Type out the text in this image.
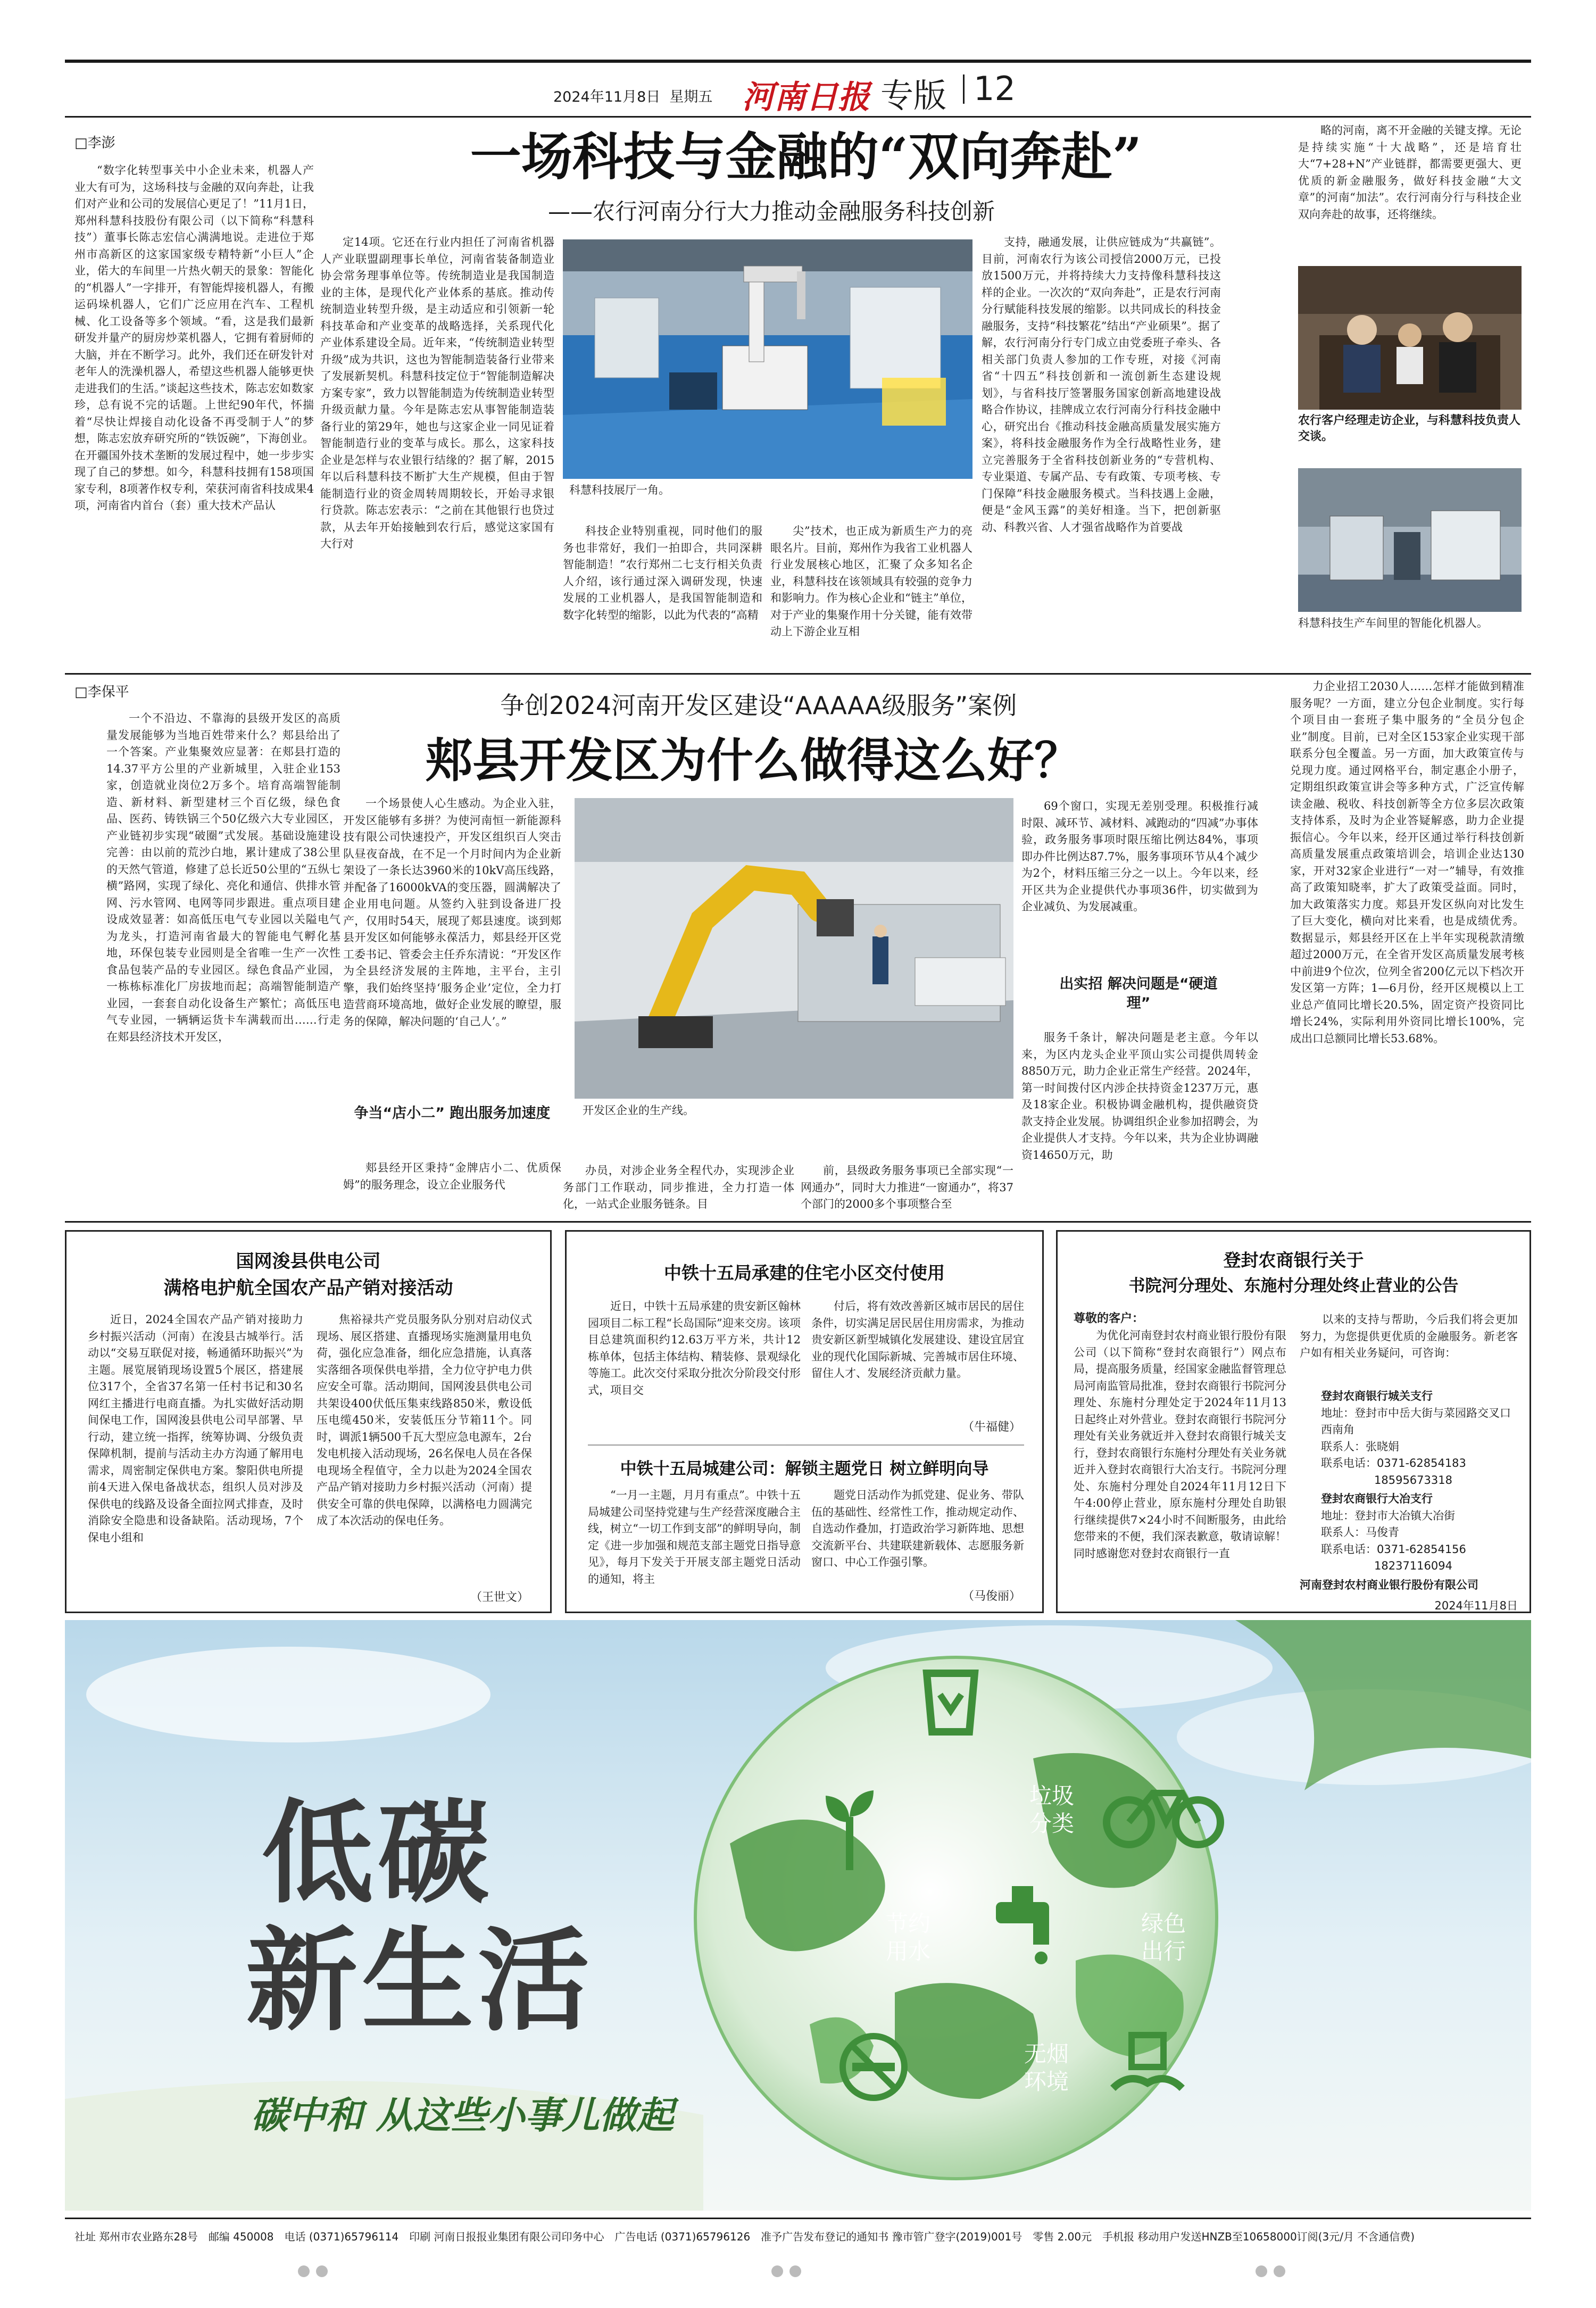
2024年11月8日 星期五 河南日报 专版 12
□李澎	一场科技与金融的“双向奔赴”
——农行河南分行大力推动金融服务科技创新

“数字化转型事关中小企业未来，机器人产业大有可为，这场科技与金融的双向奔赴，让我们对产业和公司的发展信心更足了！”11月1日，郑州科慧科技股份有限公司（以下简称“科慧科技”）董事长陈志宏信心满满地说。走进位于郑州市高新区的这家国家级专精特新“小巨人”企业，偌大的车间里一片热火朝天的景象：智能化的“机器人”一字排开，有智能焊接机器人，有搬运码垛机器人，它们广泛应用在汽车、工程机械、化工设备等多个领域。“看，这是我们最新研发并量产的厨房炒菜机器人，它拥有着厨师的大脑，并在不断学习。此外，我们还在研发针对老年人的洗澡机器人，希望这些机器人能够更快走进我们的生活。”谈起这些技术，陈志宏如数家珍，总有说不完的话题。上世纪90年代，怀揣着“尽快让焊接自动化设备不再受制于人”的梦想，陈志宏放弃研究所的“铁饭碗”，下海创业。在开疆国外技术垄断的发展过程中，她一步步实现了自己的梦想。如今，科慧科技拥有158项国家专利，8项著作权专利，荣获河南省科技成果4项，河南省内首台（套）重大技术产品认

定14项。它还在行业内担任了河南省机器人产业联盟副理事长单位，河南省装备制造业协会常务理事单位等。传统制造业是我国制造业的主体，是现代化产业体系的基底。推动传统制造业转型升级，是主动适应和引领新一轮科技革命和产业变革的战略选择，关系现代化产业体系建设全局。近年来，“传统制造业转型升级”成为共识，这也为智能制造装备行业带来了发展新契机。科慧科技定位于“智能制造解决方案专家”，致力以智能制造为传统制造业转型升级贡献力量。今年是陈志宏从事智能制造装备行业的第29年，她也与这家企业一同见证着智能制造行业的变革与成长。那么，这家科技企业是怎样与农业银行结缘的？据了解，2015年以后科慧科技不断扩大生产规模，但由于智能制造行业的资金周转周期较长，开始寻求银行贷款。陈志宏表示：“之前在其他银行也贷过款，从去年开始接触到农行后，感觉这家国有大行对

科慧科技展厅一角。

科技企业特别重视，同时他们的服务也非常好，我们一拍即合，共同深耕智能制造！”农行郑州二七支行相关负责人介绍，该行通过深入调研发现，快速发展的工业机器人，是我国智能制造和数字化转型的缩影，以此为代表的“高精

尖”技术，也正成为新质生产力的亮眼名片。目前，郑州作为我省工业机器人行业发展核心地区，汇聚了众多知名企业，科慧科技在该领域具有较强的竞争力和影响力。作为核心企业和“链主”单位，对于产业的集聚作用十分关键，能有效带动上下游企业互相

支持，融通发展，让供应链成为“共赢链”。目前，河南农行为该公司授信2000万元，已投放1500万元，并将持续大力支持像科慧科技这样的企业。一次次的“双向奔赴”，正是农行河南分行赋能科技发展的缩影。以共同成长的科技金融服务，支持“科技繁花”结出“产业硕果”。据了解，农行河南分行专门成立由党委班子牵头、各相关部门负责人参加的工作专班，对接《河南省“十四五”科技创新和一流创新生态建设规划》，与省科技厅签署服务国家创新高地建设战略合作协议，挂牌成立农行河南分行科技金融中心，研究出台《推动科技金融高质量发展实施方案》，将科技金融服务作为全行战略性业务，建立完善服务于全省科技创新业务的“专营机构、专业渠道、专属产品、专有政策、专项考核、专门保障”科技金融服务模式。当科技遇上金融，便是“金风玉露”的美好相逢。当下，把创新驱动、科教兴省、人才强省战略作为首要战

略的河南，离不开金融的关键支撑。无论是持续实施“十大战略”，还是培育壮大“7+28+N”产业链群，都需要更强大、更优质的新金融服务，做好科技金融“大文章”的河南“加法”。农行河南分行与科技企业双向奔赴的故事，还将继续。

农行客户经理走访企业，与科慧科技负责人交谈。
科慧科技生产车间里的智能化机器人。
□李保平	争创2024河南开发区建设“AAAAA级服务”案例
郏县开发区为什么做得这么好？

一个不沿边、不靠海的县级开发区的高质量发展能够为当地百姓带来什么？郏县给出了一个答案。产业集聚效应显著：在郏县打造的14.37平方公里的产业新城里，入驻企业153家，创造就业岗位2万多个。培育高端智能制造、新材料、新型建材三个百亿级，绿色食品、医药、铸铁锅三个50亿级六大专业园区，产业链初步实现“破圈”式发展。基础设施建设完善：由以前的荒沙白地，累计建成了38公里的天然气管道，修建了总长近50公里的“五纵七横”路网，实现了绿化、亮化和通信、供排水管网、污水管网、电网等同步跟进。重点项目建设成效显著：如高低压电气专业园以关隘电气为龙头，打造河南省最大的智能电气孵化基地，环保包装专业园则是全省唯一生产一次性食品包装产品的专业园区。绿色食品产业园，一栋栋标准化厂房拔地而起；高端智能制造产业园，一套套自动化设备生产繁忙；高低压电气专业园，一辆辆运货卡车满载而出……行走在郏县经济技术开发区，

一个场景使人心生感动。为企业入驻，开发区能够有多拼？为使河南恒一新能源科技有限公司快速投产，开发区组织百人突击队昼夜奋战，在不足一个月时间内为企业新架设了一条长达3960米的10kV高压线路，并配备了16000kVA的变压器，圆满解决了企业用电问题。从签约入驻到设备进厂投产，仅用时54天，展现了郏县速度。谈到郏县开发区如何能够永葆活力，郏县经开区党工委书记、管委会主任乔东清说：“开发区作为全县经济发展的主阵地，主平台，主引擎，我们始终坚持‘服务企业’定位，全力打造营商环境高地，做好企业发展的瞭望，服务的保障，解决问题的‘自己人’。”

争当“店小二” 跑出服务加速度

郏县经开区秉持“金牌店小二、优质保姆”的服务理念，设立企业服务代

开发区企业的生产线。

办员，对涉企业务全程代办，实现涉企业务部门工作联动，同步推进，全力打造一体化，一站式企业服务链条。目

前，县级政务服务事项已全部实现“一网通办”，同时大力推进“一窗通办”，将37个部门的2000多个事项整合至

69个窗口，实现无差别受理。积极推行减时限、减环节、减材料、减跑动的“四减”办事体验，政务服务事项时限压缩比例达84%，事项即办件比例达87.7%，服务事项环节从4个减少为2个，材料压缩三分之一以上。今年以来，经开区共为企业提供代办事项36件，切实做到为企业减负、为发展减重。

出实招 解决问题是“硬道理”

服务千条计，解决问题是老主意。今年以来，为区内龙头企业平顶山实公司提供周转金8850万元，助力企业正常生产经营。2024年，第一时间拨付区内涉企扶持资金1237万元，惠及18家企业。积极协调金融机构，提供融资贷款支持企业发展。协调组织企业参加招聘会，为企业提供人才支持。今年以来，共为企业协调融资14650万元，助

力企业招工2030人……怎样才能做到精准服务呢？一方面，建立分包企业制度。实行每个项目由一套班子集中服务的“全员分包企业”制度。目前，已对全区153家企业实现干部联系分包全覆盖。另一方面，加大政策宣传与兑现力度。通过网格平台，制定惠企小册子，定期组织政策宣讲会等多种方式，广泛宣传解读金融、税收、科技创新等全方位多层次政策支持体系，及时为企业答疑解惑，助力企业提振信心。今年以来，经开区通过举行科技创新高质量发展重点政策培训会，培训企业达130家，开对32家企业进行“一对一”辅导，有效推高了政策知晓率，扩大了政策受益面。同时，加大政策落实力度。郏县开发区纵向对比发生了巨大变化，横向对比来看，也是成绩优秀。数据显示，郏县经开区在上半年实现税款清缴超过2000万元，在全省开发区高质量发展考核中前进9个位次，位列全省200亿元以下档次开发区第一方阵；1—6月份，经开区规模以上工业总产值同比增长20.5%，固定资产投资同比增长24%，实际利用外资同比增长100%，完成出口总额同比增长53.68%。

国网浚县供电公司
满格电护航全国农产品产销对接活动

近日，2024全国农产品产销对接助力乡村振兴活动（河南）在浚县古城举行。活动以“交易互联促对接，畅通循环助振兴”为主题。展览展销现场设置5个展区，搭建展位317个，全省37名第一任村书记和30名网红主播进行电商直播。为扎实做好活动期间保电工作，国网浚县供电公司早部署、早行动，建立统一指挥，统筹协调、分级负责保障机制，提前与活动主办方沟通了解用电需求，周密制定保供电方案。黎阳供电所提前4天进入保电备战状态，组织人员对涉及保供电的线路及设备全面拉网式排查，及时消除安全隐患和设备缺陷。活动现场，7个保电小组和

焦裕禄共产党员服务队分别对启动仪式现场、展区搭建、直播现场实施测量用电负荷，强化应急准备，细化应急措施，认真落实落细各项保供电举措，全力位守护电力供应安全可靠。活动期间，国网浚县供电公司共架设400伏低压集束线路850米，敷设低压电缆450米，安装低压分节箱11个。同时，调派1辆500千瓦大型应急电源车，2台发电机接入活动现场，26名保电人员在各保电现场全程值守，全力以赴为2024全国农产品产销对接助力乡村振兴活动（河南）提供安全可靠的供电保障，以满格电力圆满完成了本次活动的保电任务。

（王世文）
中铁十五局承建的住宅小区交付使用

近日，中铁十五局承建的贵安新区翰林园项目二标工程“长岛国际”迎来交房。该项目总建筑面积约12.63万平方米，共计12栋单体，包括主体结构、精装修、景观绿化等施工。此次交付采取分批次分阶段交付形式，项目交

付后，将有效改善新区城市居民的居住条件，切实满足居民居住用房需求，为推动贵安新区新型城镇化发展建设、建设宜居宜业的现代化国际新城、完善城市居住环境、留住人才、发展经济贡献力量。

（牛福健）
中铁十五局城建公司：解锁主题党日 树立鲜明向导

“一月一主题，月月有重点”。中铁十五局城建公司坚持党建与生产经营深度融合主线，树立“一切工作到支部”的鲜明导向，制定《进一步加强和规范支部主题党日指导意见》，每月下发关于开展支部主题党日活动的通知，将主

题党日活动作为抓党建、促业务、带队伍的基础性、经常性工作，推动规定动作、自选动作叠加，打造政治学习新阵地、思想交流新平台、共建联建新载体、志愿服务新窗口、中心工作强引擎。

（马俊丽）
登封农商银行关于
书院河分理处、东施村分理处终止营业的公告
尊敬的客户：

为优化河南登封农村商业银行股份有限公司（以下简称“登封农商银行”）网点布局，提高服务质量，经国家金融监督管理总局河南监管局批准，登封农商银行书院河分理处、东施村分理处定于2024年11月13日起终止对外营业。登封农商银行书院河分理处有关业务就近并入登封农商银行城关支行，登封农商银行东施村分理处有关业务就近并入登封农商银行大冶支行。书院河分理处、东施村分理处自2024年11月12日下午4:00停止营业，原东施村分理处自助银行继续提供7×24小时不间断服务，由此给您带来的不便，我们深表歉意，敬请谅解！同时感谢您对登封农商银行一直

以来的支持与帮助，今后我们将会更加努力，为您提供更优质的金融服务。新老客户如有相关业务疑问，可咨询：

登封农商银行城关支行
地址：登封市中岳大街与菜园路交叉口西南角
联系人：张晓娟
联系电话：0371-62854183
18595673318
登封农商银行大冶支行
地址：登封市大冶镇大冶街
联系人：马俊青
联系电话：0371-62854156
18237116094
河南登封农村商业银行股份有限公司
2024年11月8日
垃圾分类
节约用水
绿色出行
无烟环境
低碳
新生活
碳中和 从这些小事儿做起
社址 郑州市农业路东28号　邮编 450008　电话 (0371)65796114　印刷 河南日报报业集团有限公司印务中心　广告电话 (0371)65796126　准予广告发布登记的通知书 豫市管广登字(2019)001号　零售 2.00元　手机报 移动用户发送HNZB至10658000订阅(3元/月 不含通信费)
